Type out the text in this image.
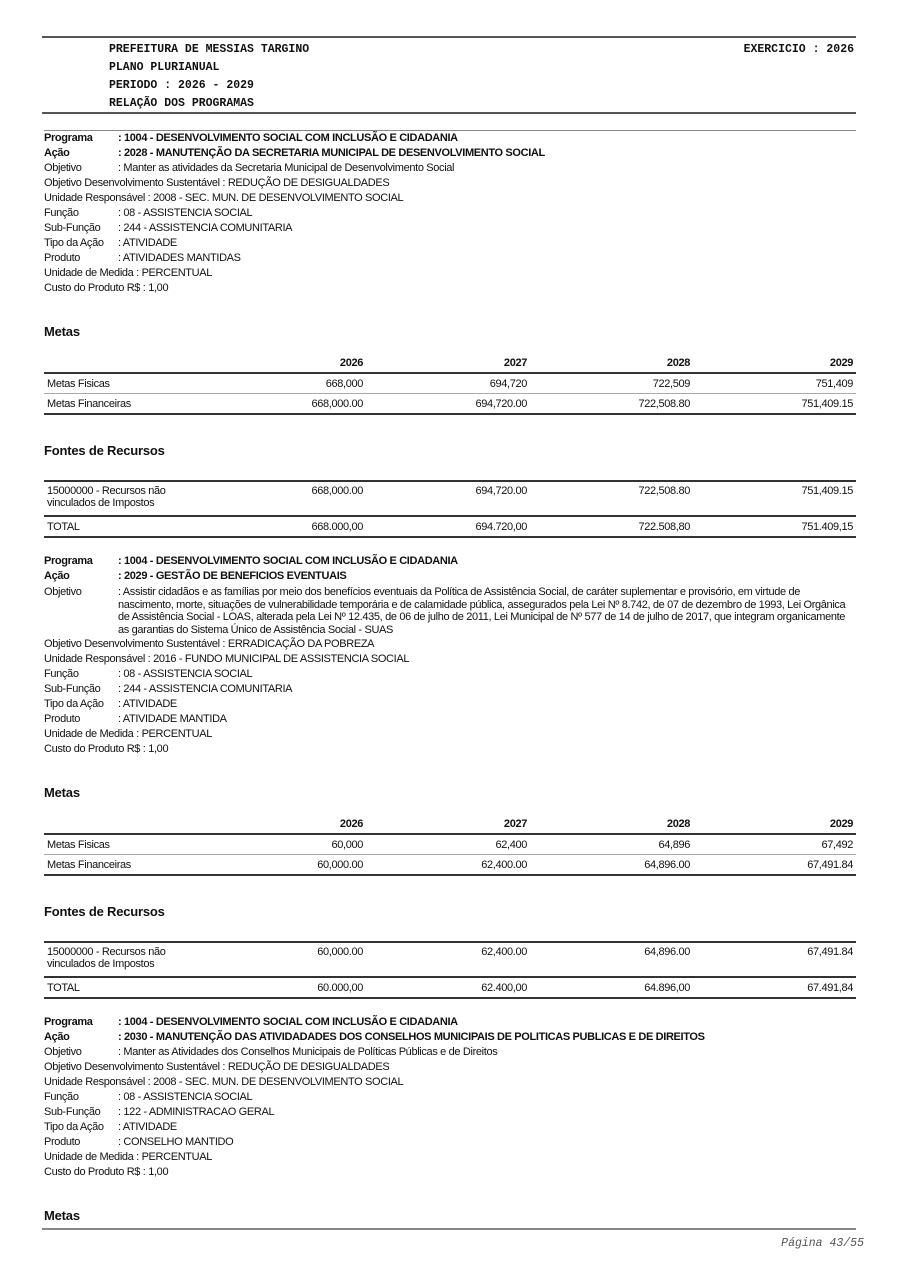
PREFEITURA DE MESSIAS TARGINO
PLANO PLURIANUAL
PERIODO : 2026 - 2029
RELAÇÃO DOS PROGRAMAS
EXERCICIO : 2026
Programa : 1004 - DESENVOLVIMENTO SOCIAL COM INCLUSÃO E CIDADANIA
Ação	: 2028 - MANUTENÇÃO DA SECRETARIA MUNICIPAL DE DESENVOLVIMENTO SOCIAL
Objetivo	: Manter as atividades da Secretaria Municipal de Desenvolvimento Social
Objetivo Desenvolvimento Sustentável : REDUÇÃO DE DESIGUALDADES
Unidade Responsável : 2008 - SEC. MUN. DE DESENVOLVIMENTO SOCIAL
Função	: 08 - ASSISTENCIA SOCIAL
Sub-Função : 244 - ASSISTENCIA COMUNITARIA
Tipo da Ação : ATIVIDADE
Produto	: ATIVIDADES MANTIDAS
Unidade de Medida : PERCENTUAL
Custo do Produto R$ : 1,00
Metas
	2026	2027	2028	2029
Metas Fisicas	668,000	694,720	722,509	751,409
Metas Financeiras	668,000.00	694,720.00	722,508.80	751,409.15
Fontes de Recursos
15000000 - Recursos não vinculados de Impostos	668,000.00	694,720.00	722,508.80	751,409.15
TOTAL	668.000,00	694.720,00	722.508,80	751.409,15
Programa : 1004 - DESENVOLVIMENTO SOCIAL COM INCLUSÃO E CIDADANIA
Ação	: 2029 - GESTÃO DE BENEFICIOS EVENTUAIS
Objetivo	: Assistir cidadãos e as famílias por meio dos benefícios eventuais da Política de Assistência Social, de caráter suplementar e provisório, em virtude de nascimento, morte, situações de vulnerabilidade temporária e de calamidade pública, assegurados pela Lei Nº 8.742, de 07 de dezembro de 1993, Lei Orgânica de Assistência Social - LOAS, alterada pela Lei Nº 12.435, de 06 de julho de 2011, Lei Municipal de Nº 577 de 14 de julho de 2017, que integram organicamente as garantias do Sistema Único de Assistência Social - SUAS
Objetivo Desenvolvimento Sustentável : ERRADICAÇÃO DA POBREZA
Unidade Responsável : 2016 - FUNDO MUNICIPAL DE ASSISTENCIA SOCIAL
Função	: 08 - ASSISTENCIA SOCIAL
Sub-Função : 244 - ASSISTENCIA COMUNITARIA
Tipo da Ação : ATIVIDADE
Produto	: ATIVIDADE MANTIDA
Unidade de Medida : PERCENTUAL
Custo do Produto R$ : 1,00
Metas
	2026	2027	2028	2029
Metas Fisicas	60,000	62,400	64,896	67,492
Metas Financeiras	60,000.00	62,400.00	64,896.00	67,491.84
Fontes de Recursos
15000000 - Recursos não vinculados de Impostos	60,000.00	62,400.00	64,896.00	67,491.84
TOTAL	60.000,00	62.400,00	64.896,00	67.491,84
Programa : 1004 - DESENVOLVIMENTO SOCIAL COM INCLUSÃO E CIDADANIA
Ação	: 2030 - MANUTENÇÃO DAS ATIVIDADADES DOS CONSELHOS MUNICIPAIS DE POLITICAS PUBLICAS E DE DIREITOS
Objetivo	: Manter as Atividades dos Conselhos Municipais de Políticas Públicas e de Direitos
Objetivo Desenvolvimento Sustentável : REDUÇÃO DE DESIGUALDADES
Unidade Responsável : 2008 - SEC. MUN. DE DESENVOLVIMENTO SOCIAL
Função	: 08 - ASSISTENCIA SOCIAL
Sub-Função : 122 - ADMINISTRACAO GERAL
Tipo da Ação : ATIVIDADE
Produto	: CONSELHO MANTIDO
Unidade de Medida : PERCENTUAL
Custo do Produto R$ : 1,00
Metas
Página 43/55
